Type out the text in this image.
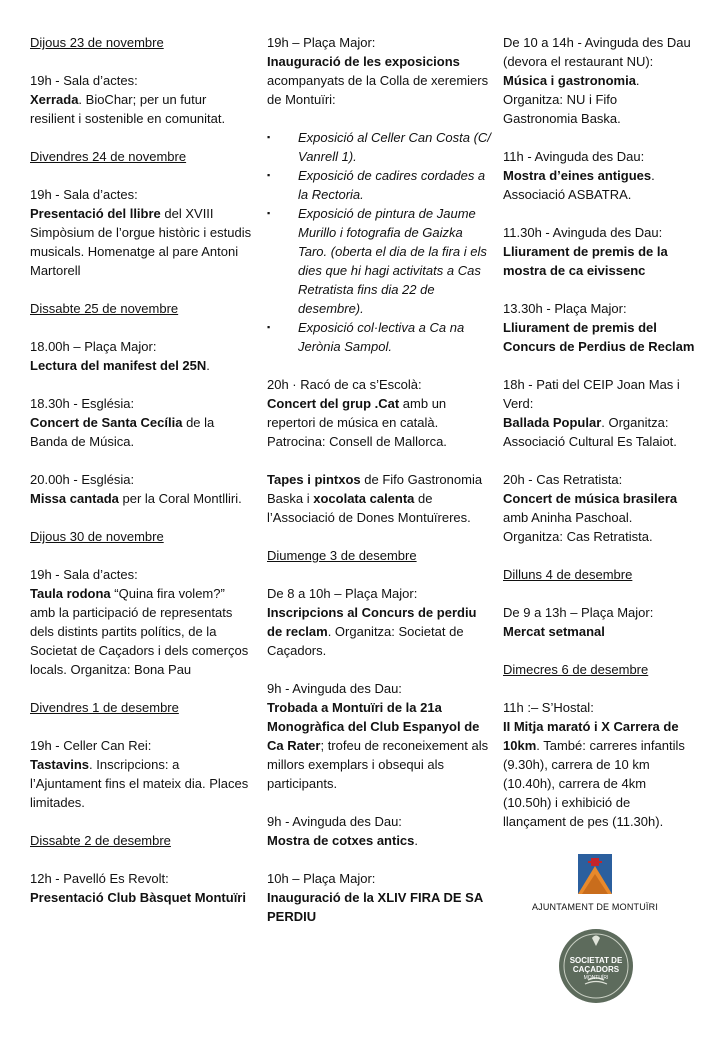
Dijous 23 de novembre

19h - Sala d’actes:

Xerrada. BioChar; per un futur resilient i sostenible en comunitat.

Divendres 24 de novembre

19h - Sala d’actes:

Presentació del llibre del XVIII Simpòsium de l’orgue històric i estudis musicals. Homenatge al pare Antoni Martorell

Dissabte 25 de novembre

18.00h – Plaça Major:

Lectura del manifest del 25N.

18.30h - Església:

Concert de Santa Cecília de la Banda de Música.

20.00h - Església:

Missa cantada per la Coral Montlliri.

Dijous 30 de novembre

19h - Sala d’actes:

Taula rodona “Quina fira volem?” amb la participació de representats dels distints partits polítics, de la Societat de Caçadors i dels comerços locals. Organitza: Bona Pau

Divendres 1 de desembre

19h - Celler Can Rei:

Tastavins. Inscripcions: a l’Ajuntament fins el mateix dia. Places limitades.

Dissabte 2 de desembre

12h - Pavelló Es Revolt:

Presentació Club Bàsquet Montuïri

19h – Plaça Major:

Inauguració de les exposicions acompanyats de la Colla de xeremiers de Montuïri:

▪ Exposició al Celler Can Costa (C/ Vanrell 1).
▪ Exposició de cadires cordades a la Rectoria.
▪ Exposició de pintura de Jaume Murillo i fotografia de Gaizka Taro. (oberta el dia de la fira i els dies que hi hagi activitats a Cas Retratista fins dia 22 de desembre).
▪ Exposició col·lectiva a Ca na Jerònia Sampol.

20h · Racó de ca s’Escolà:

Concert del grup .Cat amb un repertori de música en català. Patrocina: Consell de Mallorca.

Tapes i pintxos de Fifo Gastronomia Baska i xocolata calenta de l’Associació de Dones Montuïreres.

Diumenge 3 de desembre

De 8 a 10h – Plaça Major:

Inscripcions al Concurs de perdiu de reclam. Organitza: Societat de Caçadors.

9h - Avinguda des Dau:

Trobada a Montuïri de la 21a Monogràfica del Club Espanyol de Ca Rater; trofeu de reconeixement als millors exemplars i obsequi als participants.

9h - Avinguda des Dau:

Mostra de cotxes antics.

10h – Plaça Major:

Inauguració de la XLIV FIRA DE SA PERDIU

De 10 a 14h - Avinguda des Dau (devora el restaurant NU):

Música i gastronomia. Organitza: NU i Fifo Gastronomia Baska.

11h - Avinguda des Dau:

Mostra d’eines antigues. Associació ASBATRA.

11.30h - Avinguda des Dau:

Lliurament de premis de la mostra de ca eivissenc

13.30h - Plaça Major:

Lliurament de premis del Concurs de Perdius de Reclam

18h - Pati del CEIP Joan Mas i Verd:

Ballada Popular. Organitza: Associació Cultural Es Talaiot.

20h - Cas Retratista:

Concert de música brasilera amb Aninha Paschoal. Organitza: Cas Retratista.

Dilluns 4 de desembre

De 9 a 13h – Plaça Major:

Mercat setmanal

Dimecres 6 de desembre

11h :– S’Hostal:

II Mitja marató i X Carrera de 10km. També: carreres infantils (9.30h), carrera de 10 km (10.40h), carrera de 4km (10.50h) i exhibició de llançament de pes (11.30h).

AJUNTAMENT DE MONTUÏRI
SOCIETAT DE
CAÇADORS
MONTUÏRI
